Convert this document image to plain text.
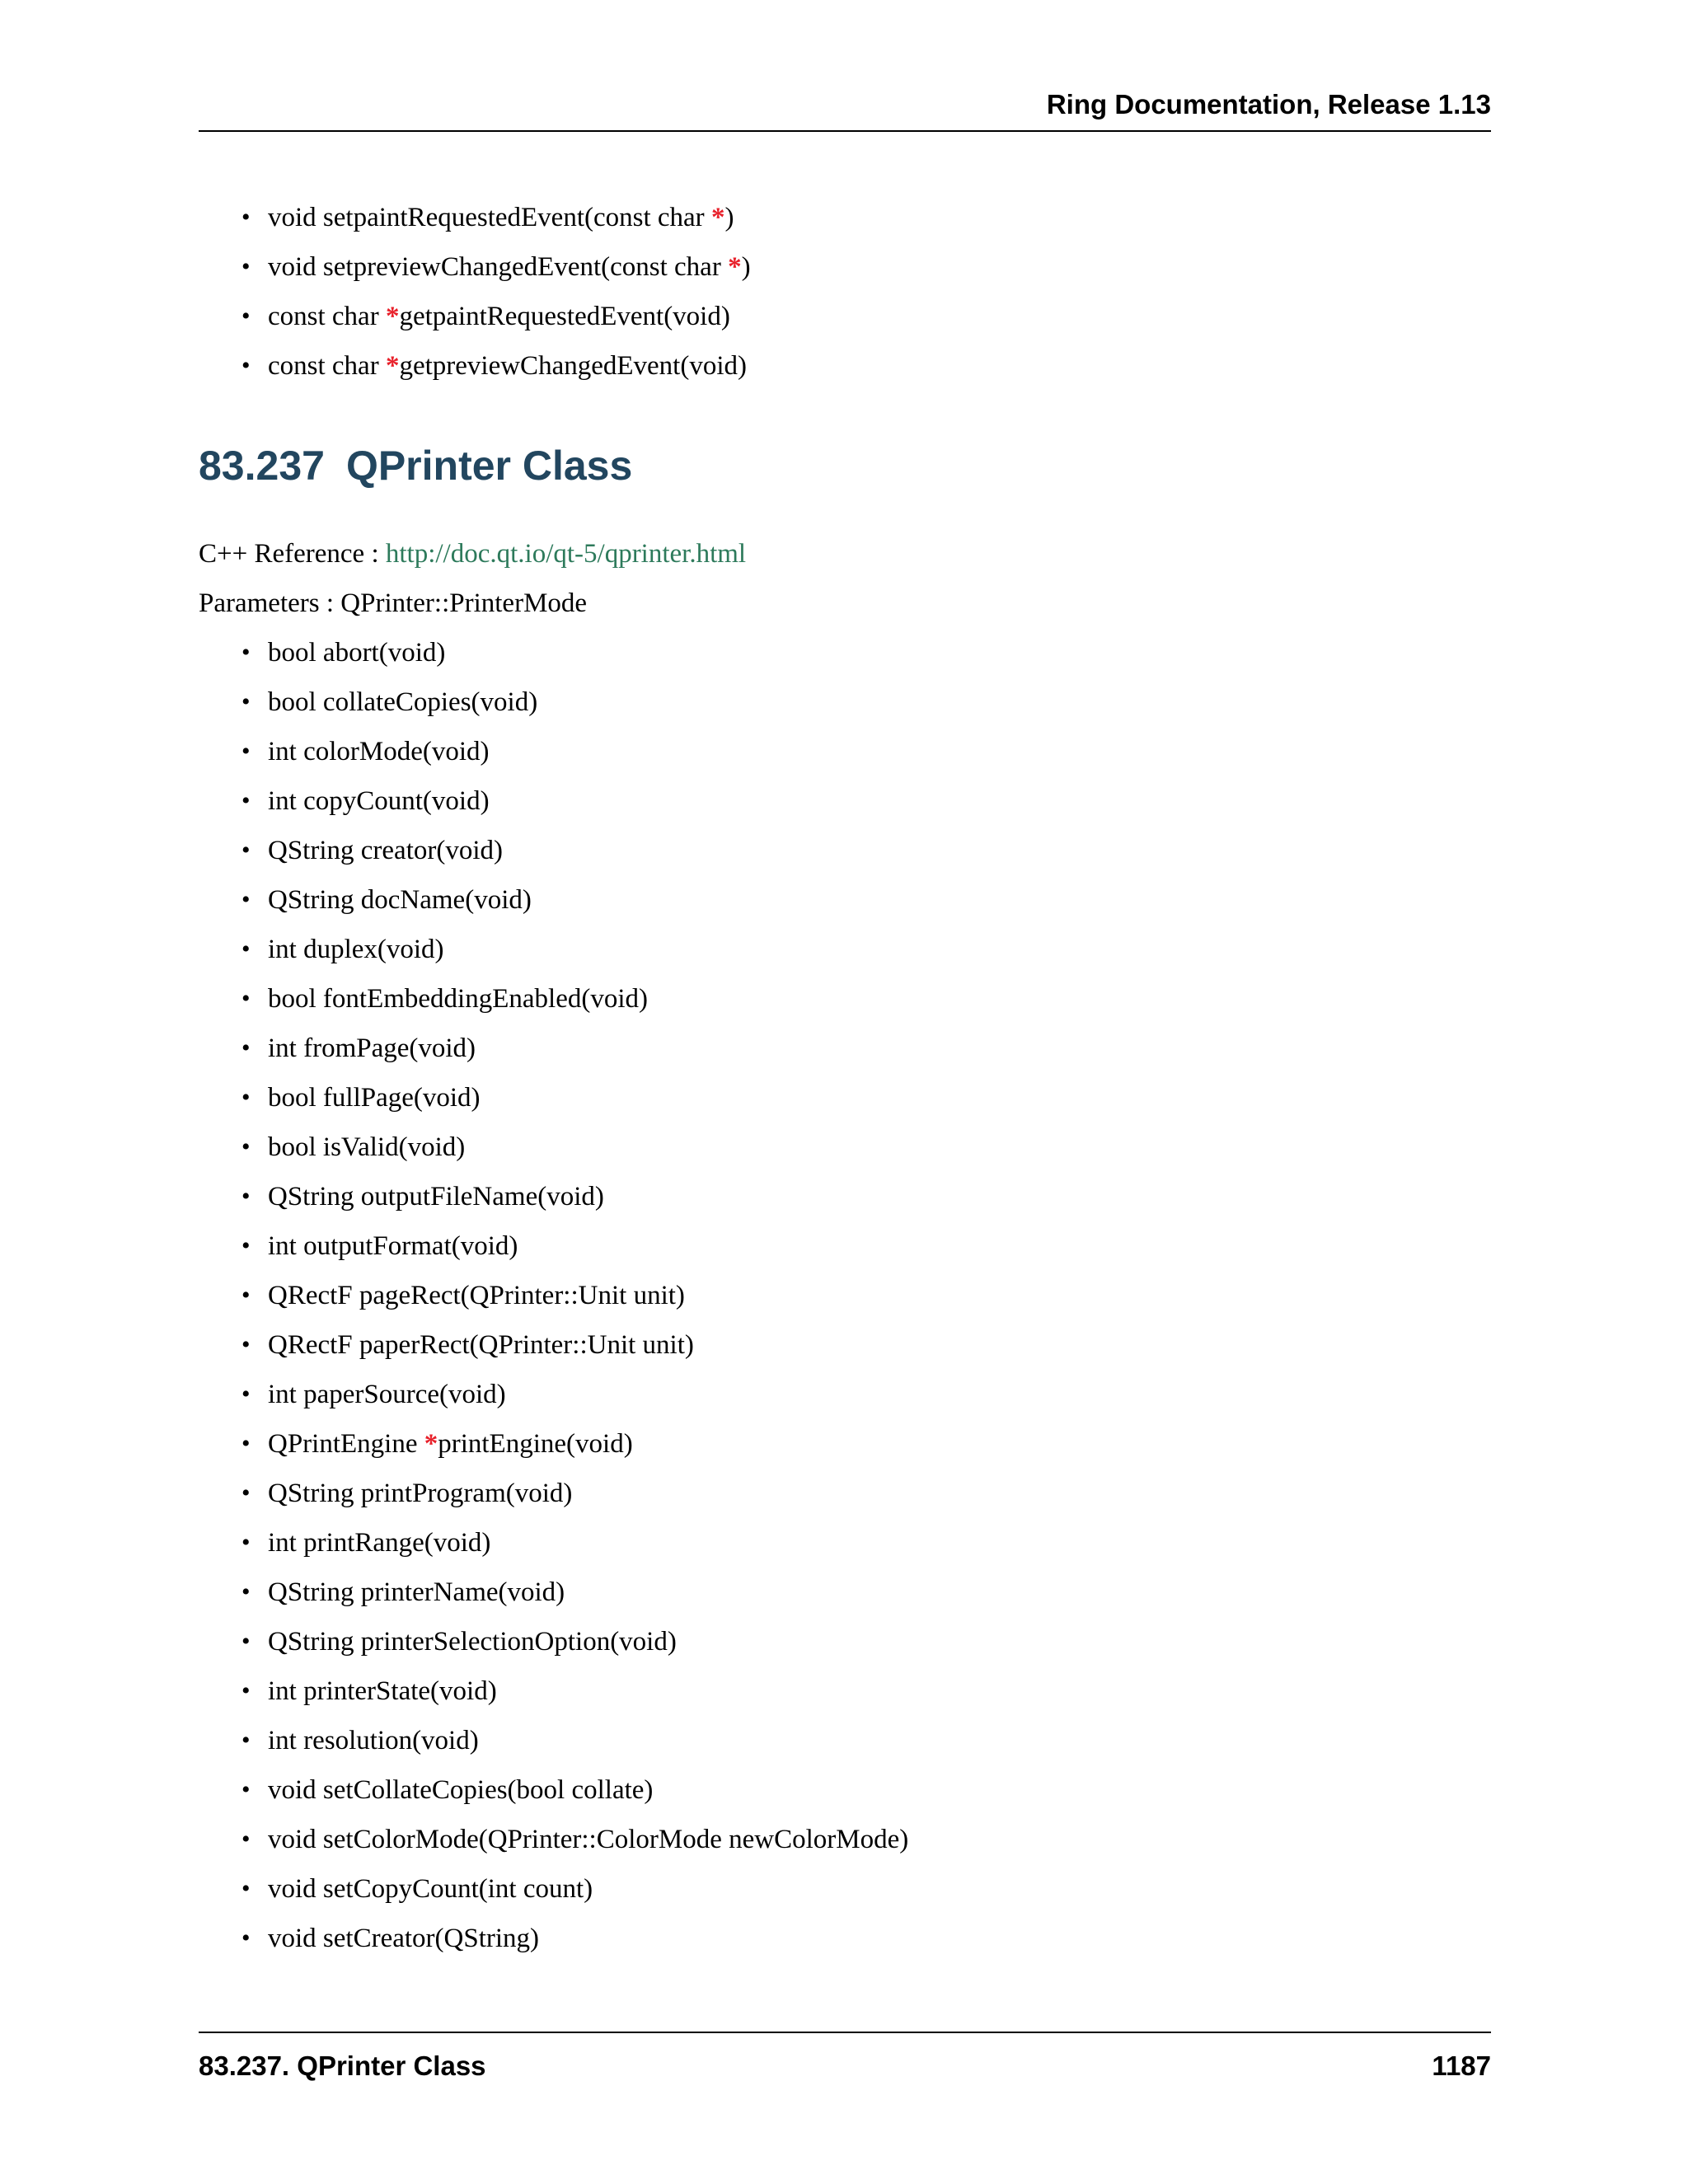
Ring Documentation, Release 1.13
• void setpaintRequestedEvent(const char *)
• void setpreviewChangedEvent(const char *)
• const char *getpaintRequestedEvent(void)
• const char *getpreviewChangedEvent(void)
83.237 QPrinter Class
C++ Reference : http://doc.qt.io/qt-5/qprinter.html
Parameters : QPrinter::PrinterMode
• bool abort(void)
• bool collateCopies(void)
• int colorMode(void)
• int copyCount(void)
• QString creator(void)
• QString docName(void)
• int duplex(void)
• bool fontEmbeddingEnabled(void)
• int fromPage(void)
• bool fullPage(void)
• bool isValid(void)
• QString outputFileName(void)
• int outputFormat(void)
• QRectF pageRect(QPrinter::Unit unit)
• QRectF paperRect(QPrinter::Unit unit)
• int paperSource(void)
• QPrintEngine *printEngine(void)
• QString printProgram(void)
• int printRange(void)
• QString printerName(void)
• QString printerSelectionOption(void)
• int printerState(void)
• int resolution(void)
• void setCollateCopies(bool collate)
• void setColorMode(QPrinter::ColorMode newColorMode)
• void setCopyCount(int count)
• void setCreator(QString)
83.237. QPrinter Class	1187
